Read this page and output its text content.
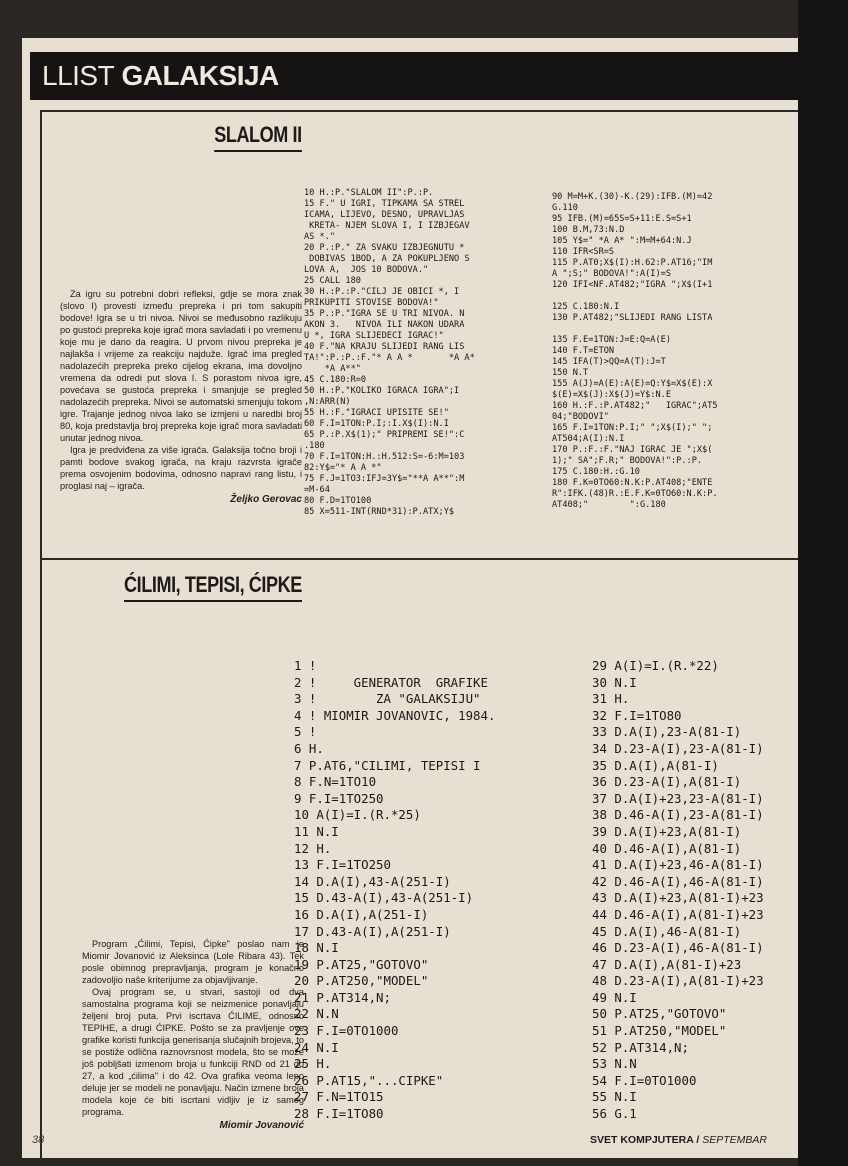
LLIST GALAKSIJA
SLALOM II

Za igru su potrebni dobri refleksi, gdje se mora znak (slovo I) provesti između prepreka i pri tom sakupiti bodove! Igra se u tri nivoa. Nivoi se međusobno razlikuju po gustoći prepreka koje igrač mora savladati i po vremenu koje mu je dano da reagira. U prvom nivou prepreka je najlakša i vrijeme za reakciju najduže. Igrač ima pregled nadolazećih prepreka preko cijelog ekrana, ima dovoljno vremena da odredi put slova I. S porastom nivoa igre, povećava se gustoća prepreka i smanjuje se pregled nadolazećih prepreka. Nivoi se automatski smenjuju tokom igre. Trajanje jednog nivoa lako se izmjeni u naredbi broj 80, koja predstavlja broj prepreka koje igrač mora savladati unutar jednog nivoa.

Igra je predviđena za više igrača. Galaksija točno broji i pamti bodove svakog igrača, na kraju razvrsta igrače prema osvojenim bodovima, odnosno napravi rang listu, i proglasi naj – igrača.

Željko Gerovac
10 H.:P."SLALOM II":P.:P.
15 F." U IGRI, TIPKAMA SA STREL
ICAMA, LIJEVO, DESNO, UPRAVLJAS
KRETA- NJEM SLOVA I, I IZBJEGAV
AS *."
20 P.:P." ZA SVAKU IZBJEGNUTU *
DOBIVAS 1BOD, A ZA POKUPLJENO S
LOVA A,  JOS 10 BODOVA."
25 CALL 180
30 H.:P.:P."CILJ JE OBICI *, I
PRIKUPITI STOVISE BODOVA!"
35 P.:P."IGRA SE U TRI NIVOA. N
AKON 3.   NIVOA ILI NAKON UDARA
U *, IGRA SLIJEDECI IGRAC!"
40 F."NA KRAJU SLIJEDI RANG LIS
TA!":P.:P.:F."* A A *       *A A*
*A A**"
45 C.180:R=0
50 H.:P."KOLIKO IGRACA IGRA";I
,N:ARR(N)
55 H.:F."IGRACI UPISITE SE!"
60 F.I=1TON:P.I;:I.X$(I):N.I
65 P.:P.X$(1);" PRIPREMI SE!":C
.180
70 F.I=1TON:H.:H.512:S=-6:M=103
82:Y$="* A A *"
75 F.J=1TO3:IFJ=3Y$="**A A**":M
=M-64
80 F.D=1TO100
85 X=511-INT(RND*31):P.ATX;Y$
90 M=M+K.(30)-K.(29):IFB.(M)=42
G.110
95 IFB.(M)=65S=S+11:E.S=S+1
100 B.M,73:N.D
105 Y$=" *A A* ":M=M+64:N.J
110 IFR<SR=S
115 P.AT0;X$(I):H.62:P.AT16;"IM
A ";S;" BODOVA!":A(I)=S
120 IFI<NF.AT482;"IGRA ";X$(I+1

125 C.180:N.I
130 P.AT482;"SLIJEDI RANG LISTA

135 F.E=1TON:J=E:Q=A(E)
140 F.T=ETON
145 IFA(T)>QQ=A(T):J=T
150 N.T
155 A(J)=A(E):A(E)=Q:Y$=X$(E):X
$(E)=X$(J):X$(J)=Y$:N.E
160 H.:F.:P.AT482;"   IGRAC";AT5
04;"BODOVI"
165 F.I=1TON:P.I;" ";X$(I);" ";
AT504;A(I):N.I
170 P.:F.:F."NAJ IGRAC JE ";X$(
1);" SA";F.R;" BODOVA!":P.:P.
175 C.180:H.:G.10
180 F.K=0TO60:N.K:P.AT408;"ENTE
R":IFK.(48)R.:E.F.K=0TO60:N.K:P.
AT408;"        ":G.180
ĆILIMI, TEPISI, ĆIPKE

Program „Ćilimi, Tepisi, Ćipke" poslao nam je Miomir Jovanović iz Aleksinca (Lole Ribara 43). Tek posle obimnog prepravljanja, program je konačno zadovoljio naše kriterijume za objavljivanje.

Ovaj program se, u stvari, sastoji od dva samostalna programa koji se neizmenice ponavljaju željeni broj puta. Prvi iscrtava ĆILIME, odnosno TEPIHE, a drugi ĆIPKE. Pošto se za pravljenje ove grafike koristi funkcija generisanja slučajnih brojeva, to se postiže odlična raznovrsnost modela, što se može još pobljšati izmenom broja u funkciji RND od 21 do 27, a kod „ćilima" i do 42. Ova grafika veoma lepo deluje jer se modeli ne ponavljaju. Način izmene broja modela koje će biti iscrtani vidljiv je iz samog programa.

Miomir Jovanović
1 !
2 !     GENERATOR  GRAFIKE
3 !        ZA "GALAKSIJU"
4 ! MIOMIR JOVANOVIC, 1984.
5 !
6 H.
7 P.AT6,"CILIMI, TEPISI I
8 F.N=1TO10
9 F.I=1TO250
10 A(I)=I.(R.*25)
11 N.I
12 H.
13 F.I=1TO250
14 D.A(I),43-A(251-I)
15 D.43-A(I),43-A(251-I)
16 D.A(I),A(251-I)
17 D.43-A(I),A(251-I)
18 N.I
19 P.AT25,"GOTOVO"
20 P.AT250,"MODEL"
21 P.AT314,N;
22 N.N
23 F.I=0TO1000
24 N.I
25 H.
26 P.AT15,"...CIPKE"
27 F.N=1TO15
28 F.I=1TO80
29 A(I)=I.(R.*22)
30 N.I
31 H.
32 F.I=1TO80
33 D.A(I),23-A(81-I)
34 D.23-A(I),23-A(81-I)
35 D.A(I),A(81-I)
36 D.23-A(I),A(81-I)
37 D.A(I)+23,23-A(81-I)
38 D.46-A(I),23-A(81-I)
39 D.A(I)+23,A(81-I)
40 D.46-A(I),A(81-I)
41 D.A(I)+23,46-A(81-I)
42 D.46-A(I),46-A(81-I)
43 D.A(I)+23,A(81-I)+23
44 D.46-A(I),A(81-I)+23
45 D.A(I),46-A(81-I)
46 D.23-A(I),46-A(81-I)
47 D.A(I),A(81-I)+23
48 D.23-A(I),A(81-I)+23
49 N.I
50 P.AT25,"GOTOVO"
51 P.AT250,"MODEL"
52 P.AT314,N;
53 N.N
54 F.I=0TO1000
55 N.I
56 G.1
38	SVET KOMPJUTERA / SEPTEMBAR
